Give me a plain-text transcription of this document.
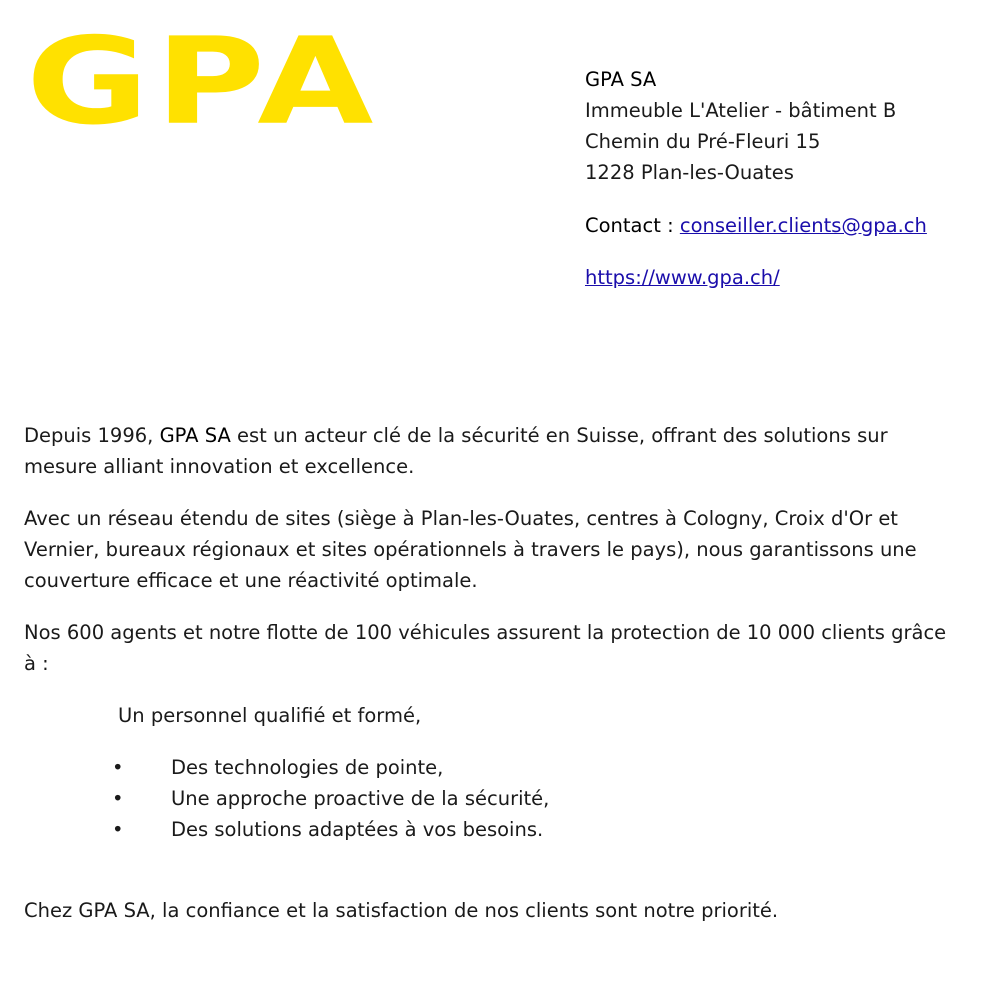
GPA	GPA SA
Immeuble L'Atelier - bâtiment B
Chemin du Pré-Fleuri 15
1228 Plan-les-Ouates
Contact : conseiller.clients@gpa.ch
https://www.gpa.ch/

Depuis 1996, GPA SA est un acteur clé de la sécurité en Suisse, offrant des solutions sur mesure alliant innovation et excellence.

Avec un réseau étendu de sites (siège à Plan-les-Ouates, centres à Cologny, Croix d'Or et Vernier, bureaux régionaux et sites opérationnels à travers le pays), nous garantissons une couverture efficace et une réactivité optimale.

Nos 600 agents et notre flotte de 100 véhicules assurent la protection de 10 000 clients grâce à :

Un personnel qualifié et formé,

• Des technologies de pointe,
• Une approche proactive de la sécurité,
• Des solutions adaptées à vos besoins.
Chez GPA SA, la confiance et la satisfaction de nos clients sont notre priorité.
